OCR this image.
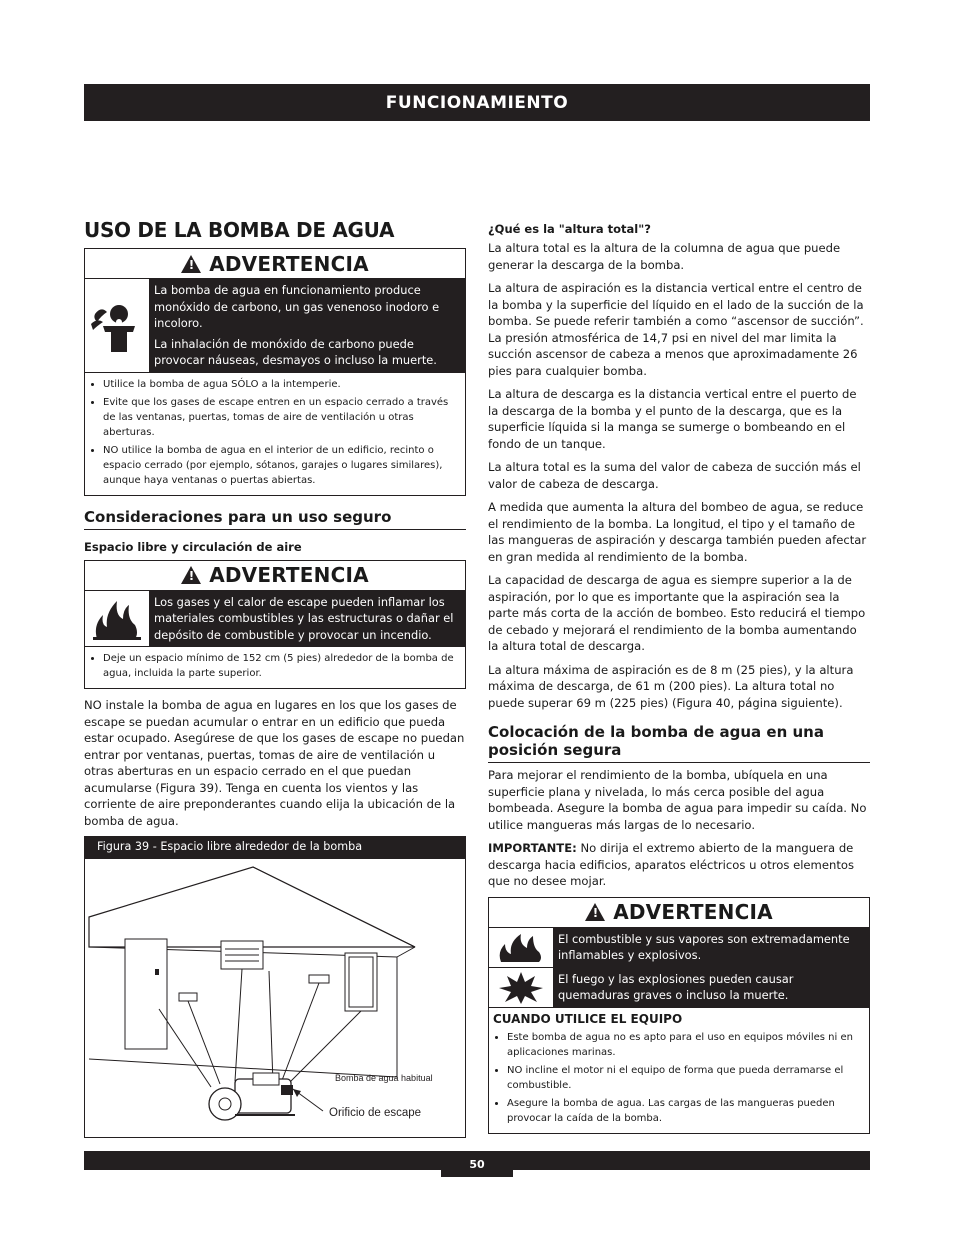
FUNCIONAMIENTO
USO DE LA BOMBA DE AGUA
!
ADVERTENCIA
La bomba de agua en funcionamiento produce monóxido de carbono, un gas venenoso inodoro e incoloro.
La inhalación de monóxido de carbono puede provocar náuseas, desmayos o incluso la muerte.
• Utilice la bomba de agua SÓLO a la intemperie.
• Evite que los gases de escape entren en un espacio cerrado a través de las ventanas, puertas, tomas de aire de ventilación u otras aberturas.
• NO utilice la bomba de agua en el interior de un edificio, recinto o espacio cerrado (por ejemplo, sótanos, garajes o lugares similares), aunque haya ventanas o puertas abiertas.
Consideraciones para un uso seguro
Espacio libre y circulación de aire
!
ADVERTENCIA
Los gases y el calor de escape pueden inflamar los materiales combustibles y las estructuras o dañar el depósito de combustible y provocar un incendio.
• Deje un espacio mínimo de 152 cm (5 pies) alrededor de la bomba de agua, incluida la parte superior.

NO instale la bomba de agua en lugares en los que los gases de escape se puedan acumular o entrar en un edificio que pueda estar ocupado. Asegúrese de que los gases de escape no puedan entrar por ventanas, puertas, tomas de aire de ventilación u otras aberturas en un espacio cerrado en el que puedan acumularse (Figura 39). Tenga en cuenta los vientos y las corriente de aire preponderantes cuando elija la ubicación de la bomba de agua.

Figura 39 - Espacio libre alrededor de la bomba
Bomba de agua habitual
Orificio de escape
¿Qué es la "altura total"?

La altura total es la altura de la columna de agua que puede generar la descarga de la bomba.

La altura de aspiración es la distancia vertical entre el centro de la bomba y la superficie del líquido en el lado de la succión de la bomba. Se puede referir también a como “ascensor de succión”. La presión atmosférica de 14,7 psi en nivel del mar limita la succión ascensor de cabeza a menos que aproximadamente 26 pies para cualquier bomba.

La altura de descarga es la distancia vertical entre el puerto de la descarga de la bomba y el punto de la descarga, que es la superficie líquida si la manga se sumerge o bombeando en el fondo de un tanque.

La altura total es la suma del valor de cabeza de succión más el valor de cabeza de descarga.

A medida que aumenta la altura del bombeo de agua, se reduce el rendimiento de la bomba. La longitud, el tipo y el tamaño de las mangueras de aspiración y descarga también pueden afectar en gran medida al rendimiento de la bomba.

La capacidad de descarga de agua es siempre superior a la de aspiración, por lo que es importante que la aspiración sea la parte más corta de la acción de bombeo. Esto reducirá el tiempo de cebado y mejorará el rendimiento de la bomba aumentando la altura total de descarga.

La altura máxima de aspiración es de 8 m (25 pies), y la altura máxima de descarga, de 61 m (200 pies). La altura total no puede superar 69 m (225 pies) (Figura 40, página siguiente).

Colocación de la bomba de agua en una posición segura

Para mejorar el rendimiento de la bomba, ubíquela en una superficie plana y nivelada, lo más cerca posible del agua bombeada. Asegure la bomba de agua para impedir su caída. No utilice mangueras más largas de lo necesario.

IMPORTANTE: No dirija el extremo abierto de la manguera de descarga hacia edificios, aparatos eléctricos u otros elementos que no desee mojar.

!
ADVERTENCIA
El combustible y sus vapores son extremadamente inflamables y explosivos.
El fuego y las explosiones pueden causar quemaduras graves o incluso la muerte.
CUANDO UTILICE EL EQUIPO
• Este bomba de agua no es apto para el uso en equipos móviles ni en aplicaciones marinas.
• NO incline el motor ni el equipo de forma que pueda derramarse el combustible.
• Asegure la bomba de agua. Las cargas de las mangueras pueden provocar la caída de la bomba.
50
